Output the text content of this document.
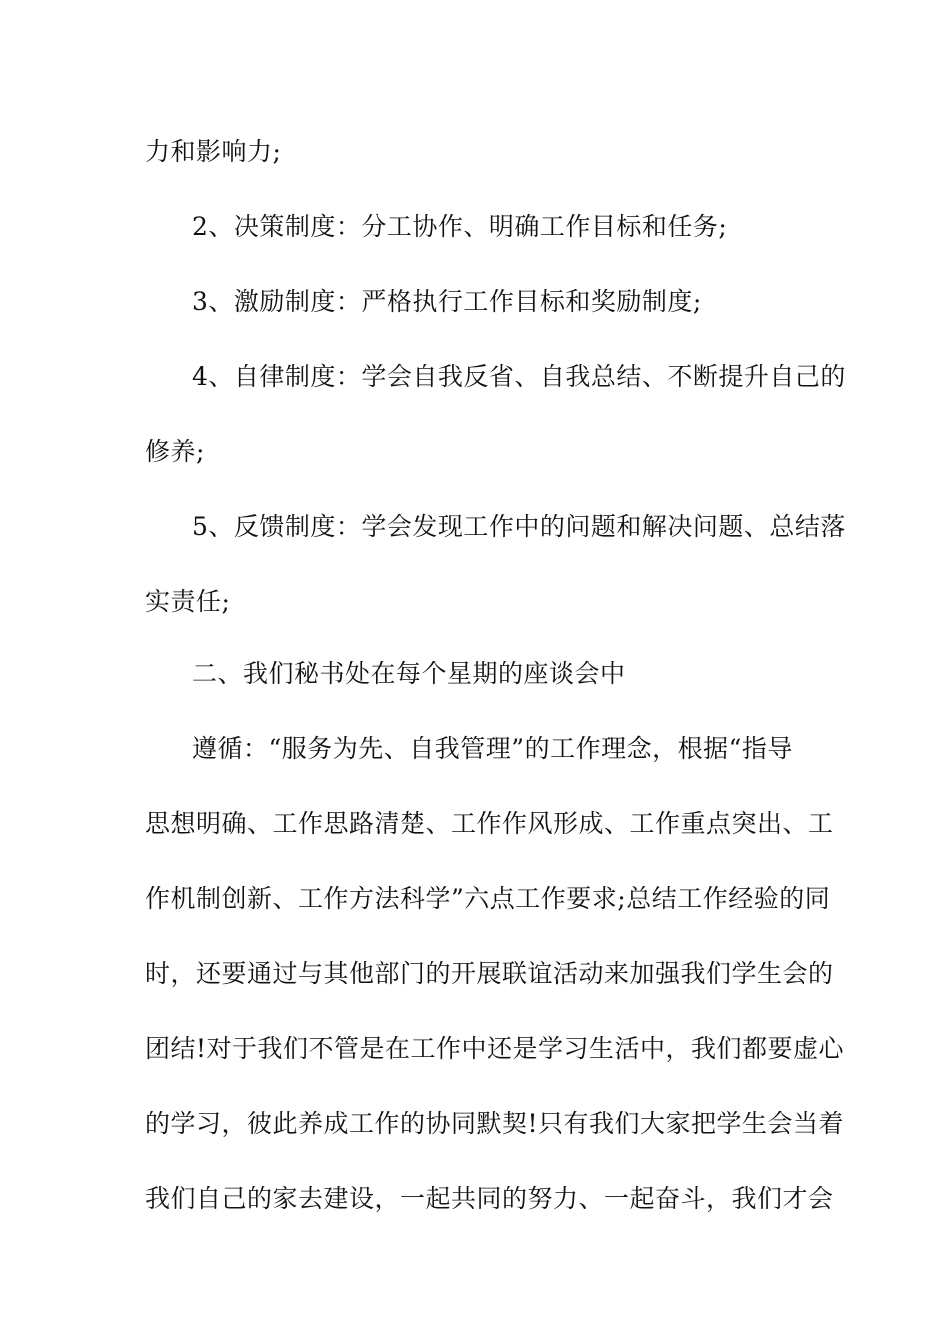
力和影响力;
2、决策制度：分工协作、明确工作目标和任务;
3、激励制度：严格执行工作目标和奖励制度;
4、自律制度：学会自我反省、自我总结、不断提升自己的
修养;
5、反馈制度：学会发现工作中的问题和解决问题、总结落
实责任;
二、我们秘书处在每个星期的座谈会中
遵循：“服务为先、自我管理”的工作理念，根据“指导
思想明确、工作思路清楚、工作作风形成、工作重点突出、工
作机制创新、工作方法科学”六点工作要求;总结工作经验的同
时，还要通过与其他部门的开展联谊活动来加强我们学生会的
团结!对于我们不管是在工作中还是学习生活中，我们都要虚心
的学习，彼此养成工作的协同默契!只有我们大家把学生会当着
我们自己的家去建设，一起共同的努力、一起奋斗，我们才会
